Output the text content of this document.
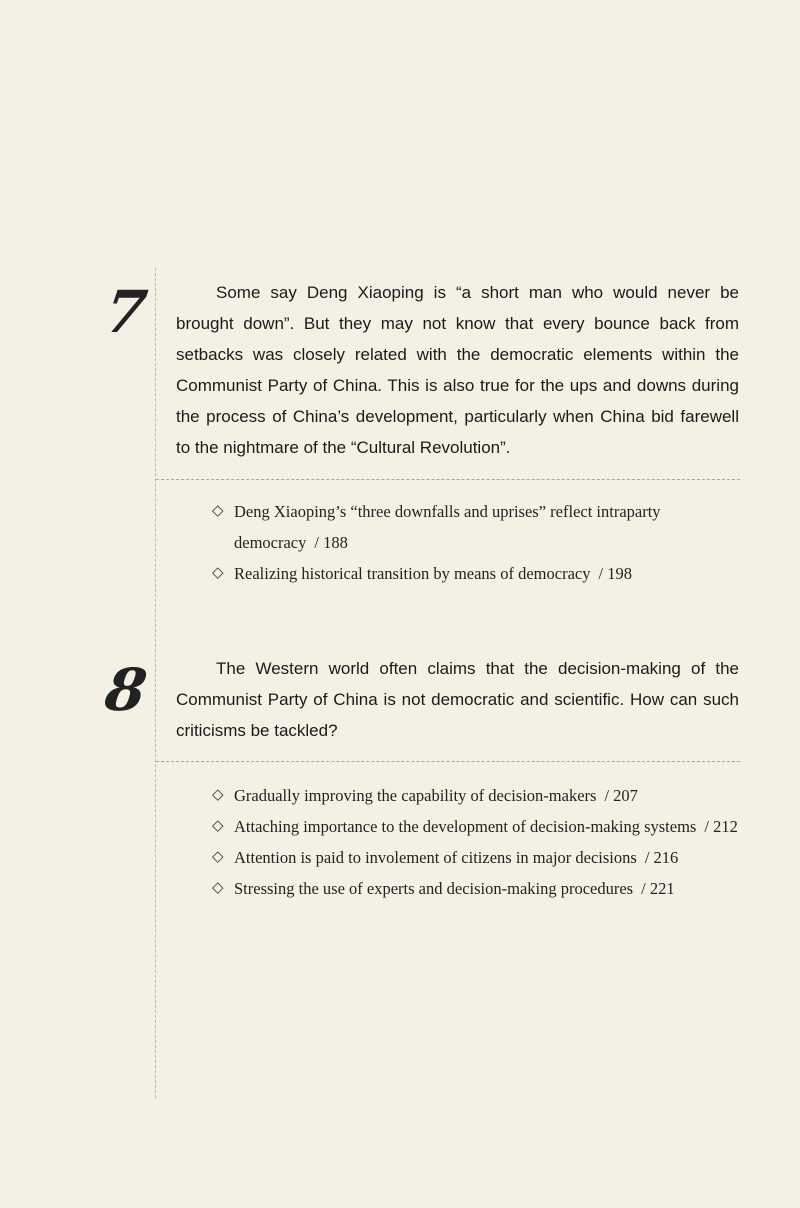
7	Some say Deng Xiaoping is “a short man who would never be brought down”. But they may not know that every bounce back from setbacks was closely related with the democratic elements within the Communist Party of China. This is also true for the ups and downs during the process of China’s development, particularly when China bid farewell to the nightmare of the “Cultural Revolution”.

◇ Deng Xiaoping’s “three downfalls and uprises” reflect intraparty democracy / 188
◇ Realizing historical transition by means of democracy / 198
8	The Western world often claims that the decision-making of the Communist Party of China is not democratic and scientific. How can such criticisms be tackled?

◇ Gradually improving the capability of decision-makers / 207
◇ Attaching importance to the development of decision-making systems / 212
◇ Attention is paid to involement of citizens in major decisions / 216
◇ Stressing the use of experts and decision-making procedures / 221
